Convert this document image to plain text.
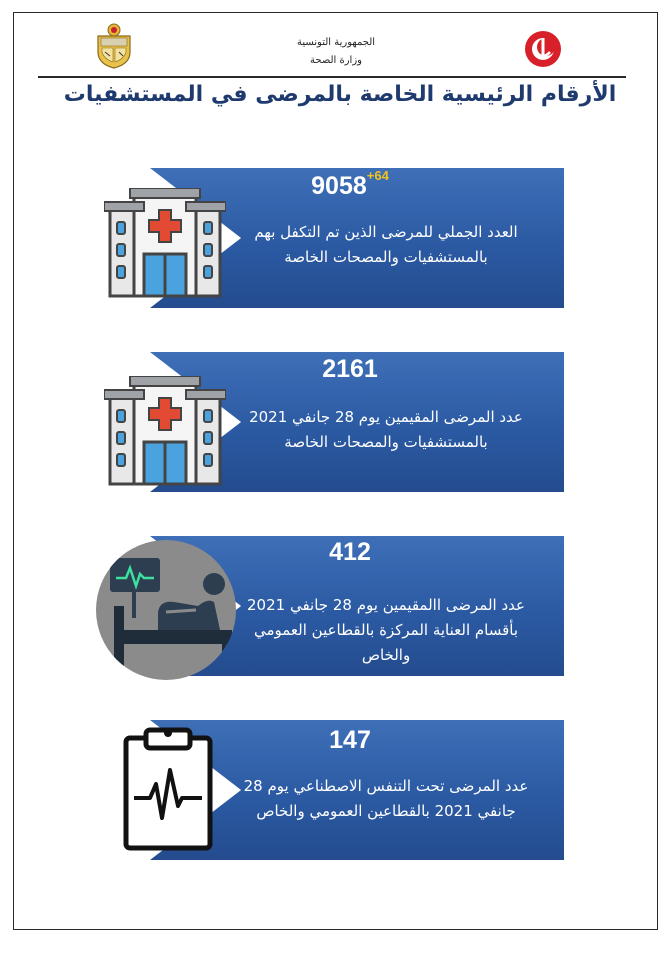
الجمهورية التونسية
وزارة الصحة
الأرقام الرئيسية الخاصة بالمرضى في المستشفيات
$9058^{+64}$
العدد الجملي للمرضى الذين تم التكفل بهم بالمستشفيات والمصحات الخاصة
2161
عدد المرضى المقيمين يوم 28 جانفي 2021 بالمستشفيات والمصحات الخاصة
412
عدد المرضى االمقيمين يوم 28 جانفي 2021 بأقسام العناية المركزة بالقطاعين العمومي والخاص
147
عدد المرضى تحت التنفس الاصطناعي يوم 28 جانفي 2021 بالقطاعين العمومي والخاص
